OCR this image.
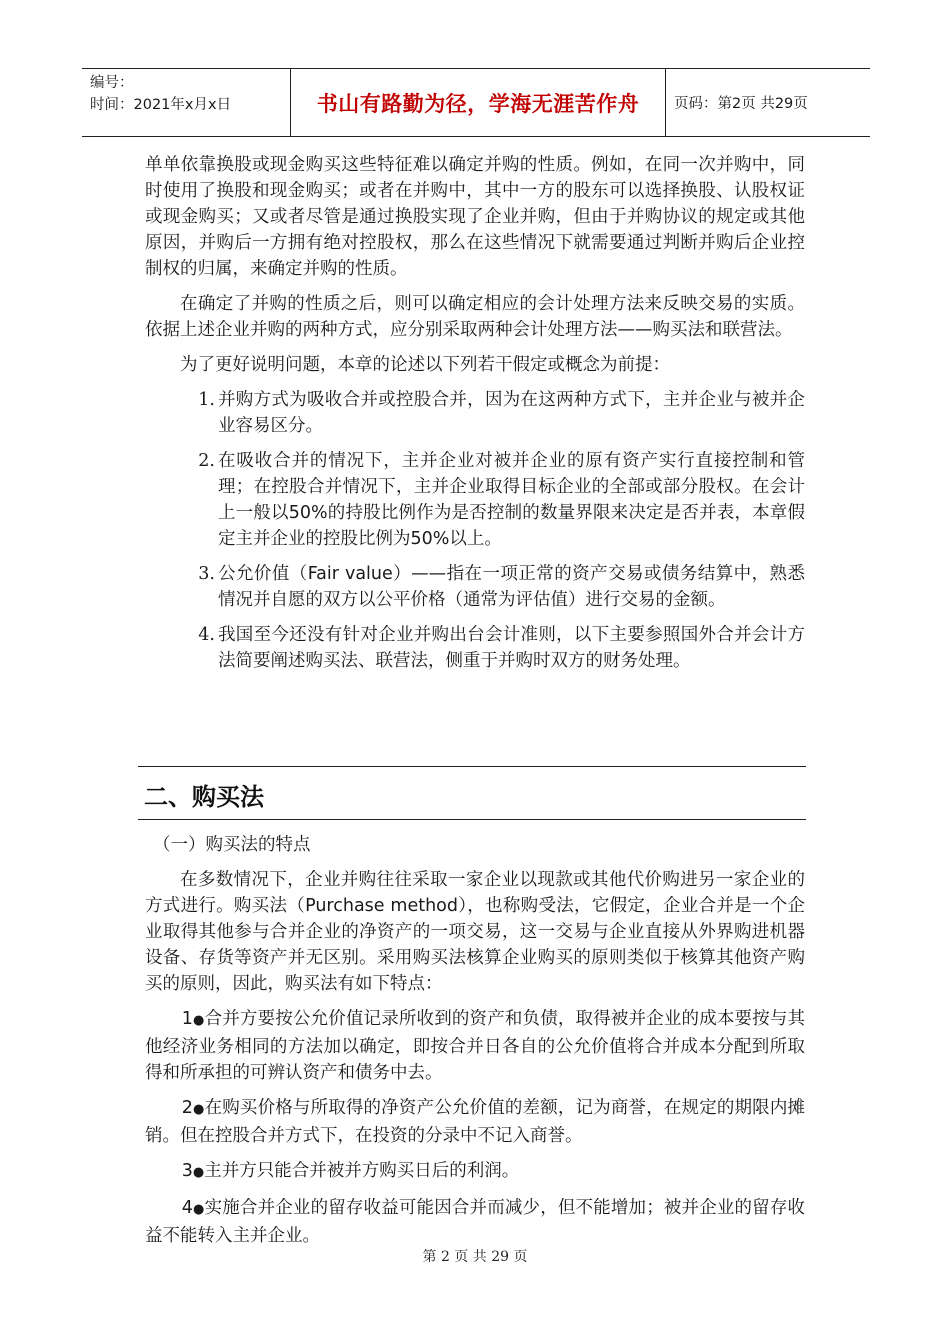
编号：
时间：2021年x月x日	书山有路勤为径，学海无涯苦作舟	页码：第2页 共29页

单单依靠换股或现金购买这些特征难以确定并购的性质。例如，在同一次并购中，同时使用了换股和现金购买；或者在并购中，其中一方的股东可以选择换股、认股权证或现金购买；又或者尽管是通过换股实现了企业并购，但由于并购协议的规定或其他原因，并购后一方拥有绝对控股权，那么在这些情况下就需要通过判断并购后企业控制权的归属，来确定并购的性质。

在确定了并购的性质之后，则可以确定相应的会计处理方法来反映交易的实质。依据上述企业并购的两种方式，应分别采取两种会计处理方法——购买法和联营法。

为了更好说明问题，本章的论述以下列若干假定或概念为前提：

1. 并购方式为吸收合并或控股合并，因为在这两种方式下，主并企业与被并企业容易区分。
2. 在吸收合并的情况下，主并企业对被并企业的原有资产实行直接控制和管理；在控股合并情况下，主并企业取得目标企业的全部或部分股权。在会计上一般以50%的持股比例作为是否控制的数量界限来决定是否并表，本章假定主并企业的控股比例为50%以上。
3. 公允价值（Fair value）——指在一项正常的资产交易或债务结算中，熟悉情况并自愿的双方以公平价格（通常为评估值）进行交易的金额。
4. 我国至今还没有针对企业并购出台会计准则，以下主要参照国外合并会计方法简要阐述购买法、联营法，侧重于并购时双方的财务处理。
二、购买法

（一）购买法的特点

在多数情况下，企业并购往往采取一家企业以现款或其他代价购进另一家企业的方式进行。购买法（Purchase method），也称购受法，它假定，企业合并是一个企业取得其他参与合并企业的净资产的一项交易，这一交易与企业直接从外界购进机器设备、存货等资产并无区别。采用购买法核算企业购买的原则类似于核算其他资产购买的原则，因此，购买法有如下特点：

1●合并方要按公允价值记录所收到的资产和负债，取得被并企业的成本要按与其他经济业务相同的方法加以确定，即按合并日各自的公允价值将合并成本分配到所取得和所承担的可辨认资产和债务中去。

2●在购买价格与所取得的净资产公允价值的差额，记为商誉，在规定的期限内摊销。但在控股合并方式下，在投资的分录中不记入商誉。

3●主并方只能合并被并方购买日后的利润。

4●实施合并企业的留存收益可能因合并而减少，但不能增加；被并企业的留存收益不能转入主并企业。

第 2 页 共 29 页
